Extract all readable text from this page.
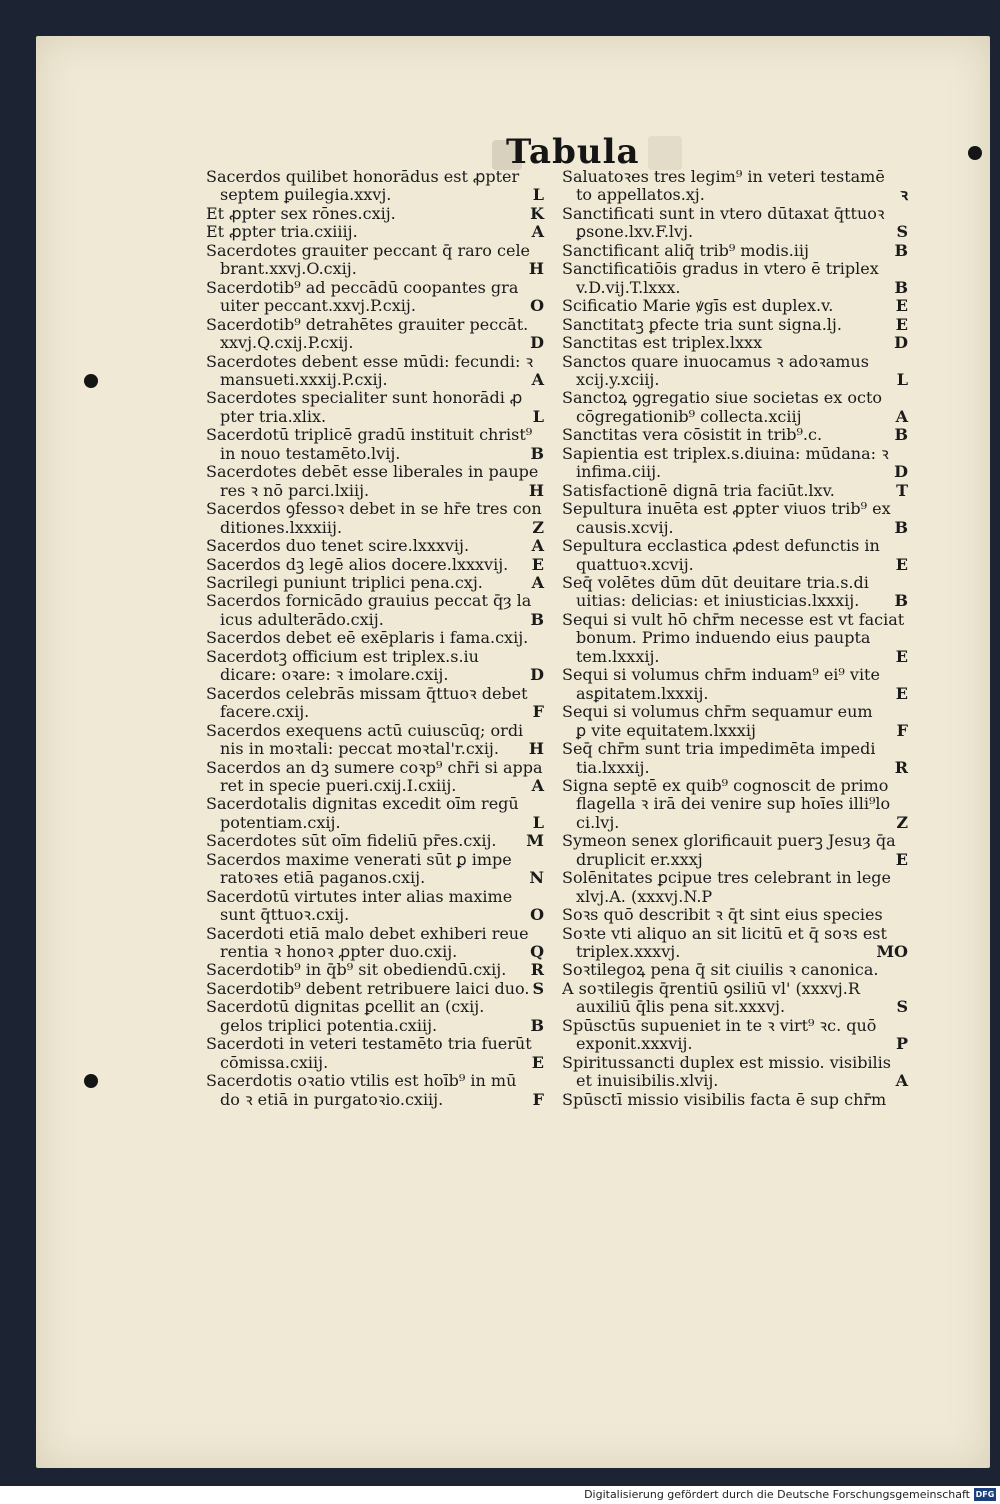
Tabula
Sacerdos quilibet honorādus est ꝓpter
septem ꝑuilegia.xxvj.	L
Et ꝓpter sex rōnes.cxij.	K
Et ꝓpter tria.cxiiij.	A
Sacerdotes grauiter peccant q̄ raro cele
brant.xxvj.O.cxij.	H
Sacerdotib⁹ ad peccādū coopantes gra
uiter peccant.xxvj.P.cxij.	O
Sacerdotib⁹ detrahētes grauiter peccāt.
xxvj.Q.cxij.P.cxij.	D
Sacerdotes debent esse mūdi: fecundi: ꝛ
mansueti.xxxij.P.cxij.	A
Sacerdotes specialiter sunt honorādi ꝓ
pter tria.xlix.	L
Sacerdotū triplicē gradū instituit christ⁹
in nouo testamēto.lvij.	B
Sacerdotes debēt esse liberales in paupe
res ꝛ nō parci.lxiij.	H
Sacerdos ꝯfessoꝛ debet in se hr̄e tres con
ditiones.lxxxiij.	Z
Sacerdos duo tenet̄ scire.lxxxvij.	A
Sacerdos dꝫ legē alios docere.lxxxvij.	E
Sacrilegi puniunt̄ triplici pena.cxj.	A
Sacerdos fornicādo grauius peccat q̄ȝ la
icus adulterādo.cxij.	B
Sacerdos debet eē exēplaris i fama.cxij.
Sacerdotꝫ officium est triplex.s.iu
dicare: oꝛare: ꝛ imolare.cxij.	D
Sacerdos celebrās missam q̄ttuoꝛ debet
facere.cxij.	F
Sacerdos exequens actū cuiuscūq; ordi
nis in moꝛtali: peccat moꝛtal'r.cxij.	H
Sacerdos an dꝫ sumere coꝛp⁹ chr̄i si appa
ret in specie pueri.cxij.I.cxiij.	A
Sacerdotalis dignitas excedit oīm regū
potentiam.cxij.	L
Sacerdotes sūt oīm fideliū pr̄es.cxij.	M
Sacerdos maxime venerati sūt ꝑ impe
ratoꝛes etiā paganos.cxij.	N
Sacerdotū virtutes inter alias maxime
sunt q̄ttuoꝛ.cxij.	O
Sacerdoti etiā malo debet exhiberi reue
rentia ꝛ honoꝛ ꝓpter duo.cxij.	Q
Sacerdotib⁹ in q̄b⁹ sit obediendū.cxij.	R
Sacerdotib⁹ debent retribuere laici duo. S
Sacerdotū dignitas ꝑcellit an (cxij.
gelos triplici potentia.cxiij.	B
Sacerdoti in veteri testamēto tria fuerūt
cōmissa.cxiij.	E
Sacerdotis oꝛatio vtilis est hoīb⁹ in mū
do ꝛ etiā in purgatoꝛio.cxiij.	F
Saluatoꝛes tres legim⁹ in veteri testamē
to appellatos.xj.	ꝛ
Sanctificati sunt in vtero dūtaxat q̄ttuoꝛ
ꝑsone.lxv.F.lvj.	S
Sanctificant̄ aliq̄ trib⁹ modis.iij	B
Sanctificatiōis gradus in vtero ē triplex
v.D.vij.T.lxxx.	B
Scificatio Marie ꝟgīs est duplex.v.	E
Sanctitatꝫ ꝑfecte tria sunt signa.lj.	E
Sanctitas est triplex.lxxx	D
Sanctos quare inuocamus ꝛ adoꝛamus
xcij.y.xciij.	L
Sanctoꝝ ꝯgregatio siue societas ex octo
cōgregationib⁹ collecta.xciij	A
Sanctitas vera cōsistit in trib⁹.c.	B
Sapientia est triplex.s.diuina: mūdana: ꝛ
infima.ciij.	D
Satisfactionē dignā tria faciūt.lxv.	T
Sepultura inuēta est ꝓpter viuos trib⁹ ex
causis.xcvij.	B
Sepultura ecclastica ꝓdest defunctis in
quattuoꝛ.xcvij.	E
Seq̄ volētes dūm dūt deuitare tria.s.di
uitias: delicias: et iniusticias.lxxxij.	B
Sequi si vult hō chr̄m necesse est vt faciat
bonum. Primo induendo eius paupta
tem.lxxxij.	E
Sequi si volumus chr̄m induam⁹ ei⁹ vite
asꝑitatem.lxxxij.	E
Sequi si volumus chr̄m sequamur eum
ꝑ vite equitatem.lxxxij	F
Seq̄ chr̄m sunt tria impedimēta impedi
tia.lxxxij.	R
Signa septē ex quib⁹ cognoscit̄ de primo
flagella ꝛ irā dei venire sup hoīes illi⁹lo
ci.lvj.	Z
Symeon senex glorificauit puerꝫ Jesuȝ q̄a
druplicit er.xxxj	E
Solēnitates ꝑcipue tres celebrant̄ in lege
xlvj.A. (xxxvj.N.P
Soꝛs quō describit̄ ꝛ q̄t sint eius species
Soꝛte vti aliquo an sit licitū et q̄ soꝛs est
triplex.xxxvj.	MO
Soꝛtilegoꝝ pena q̄ sit ciuilis ꝛ canonica.
A soꝛtilegis q̄rentiū ꝯsiliū vl' (xxxvj.R
auxiliū q̄lis pena sit.xxxvj.	S
Spūsctūs supueniet in te ꝛ virt⁹ ꝛc. quō
exponit̄.xxxvij.	P
Spiritussancti duplex est missio. visibilis
et inuisibilis.xlvij.	A
Spūsctī missio visibilis facta ē sup chr̄m
Digitalisierung gefördert durch die Deutsche Forschungsgemeinschaft DFG
